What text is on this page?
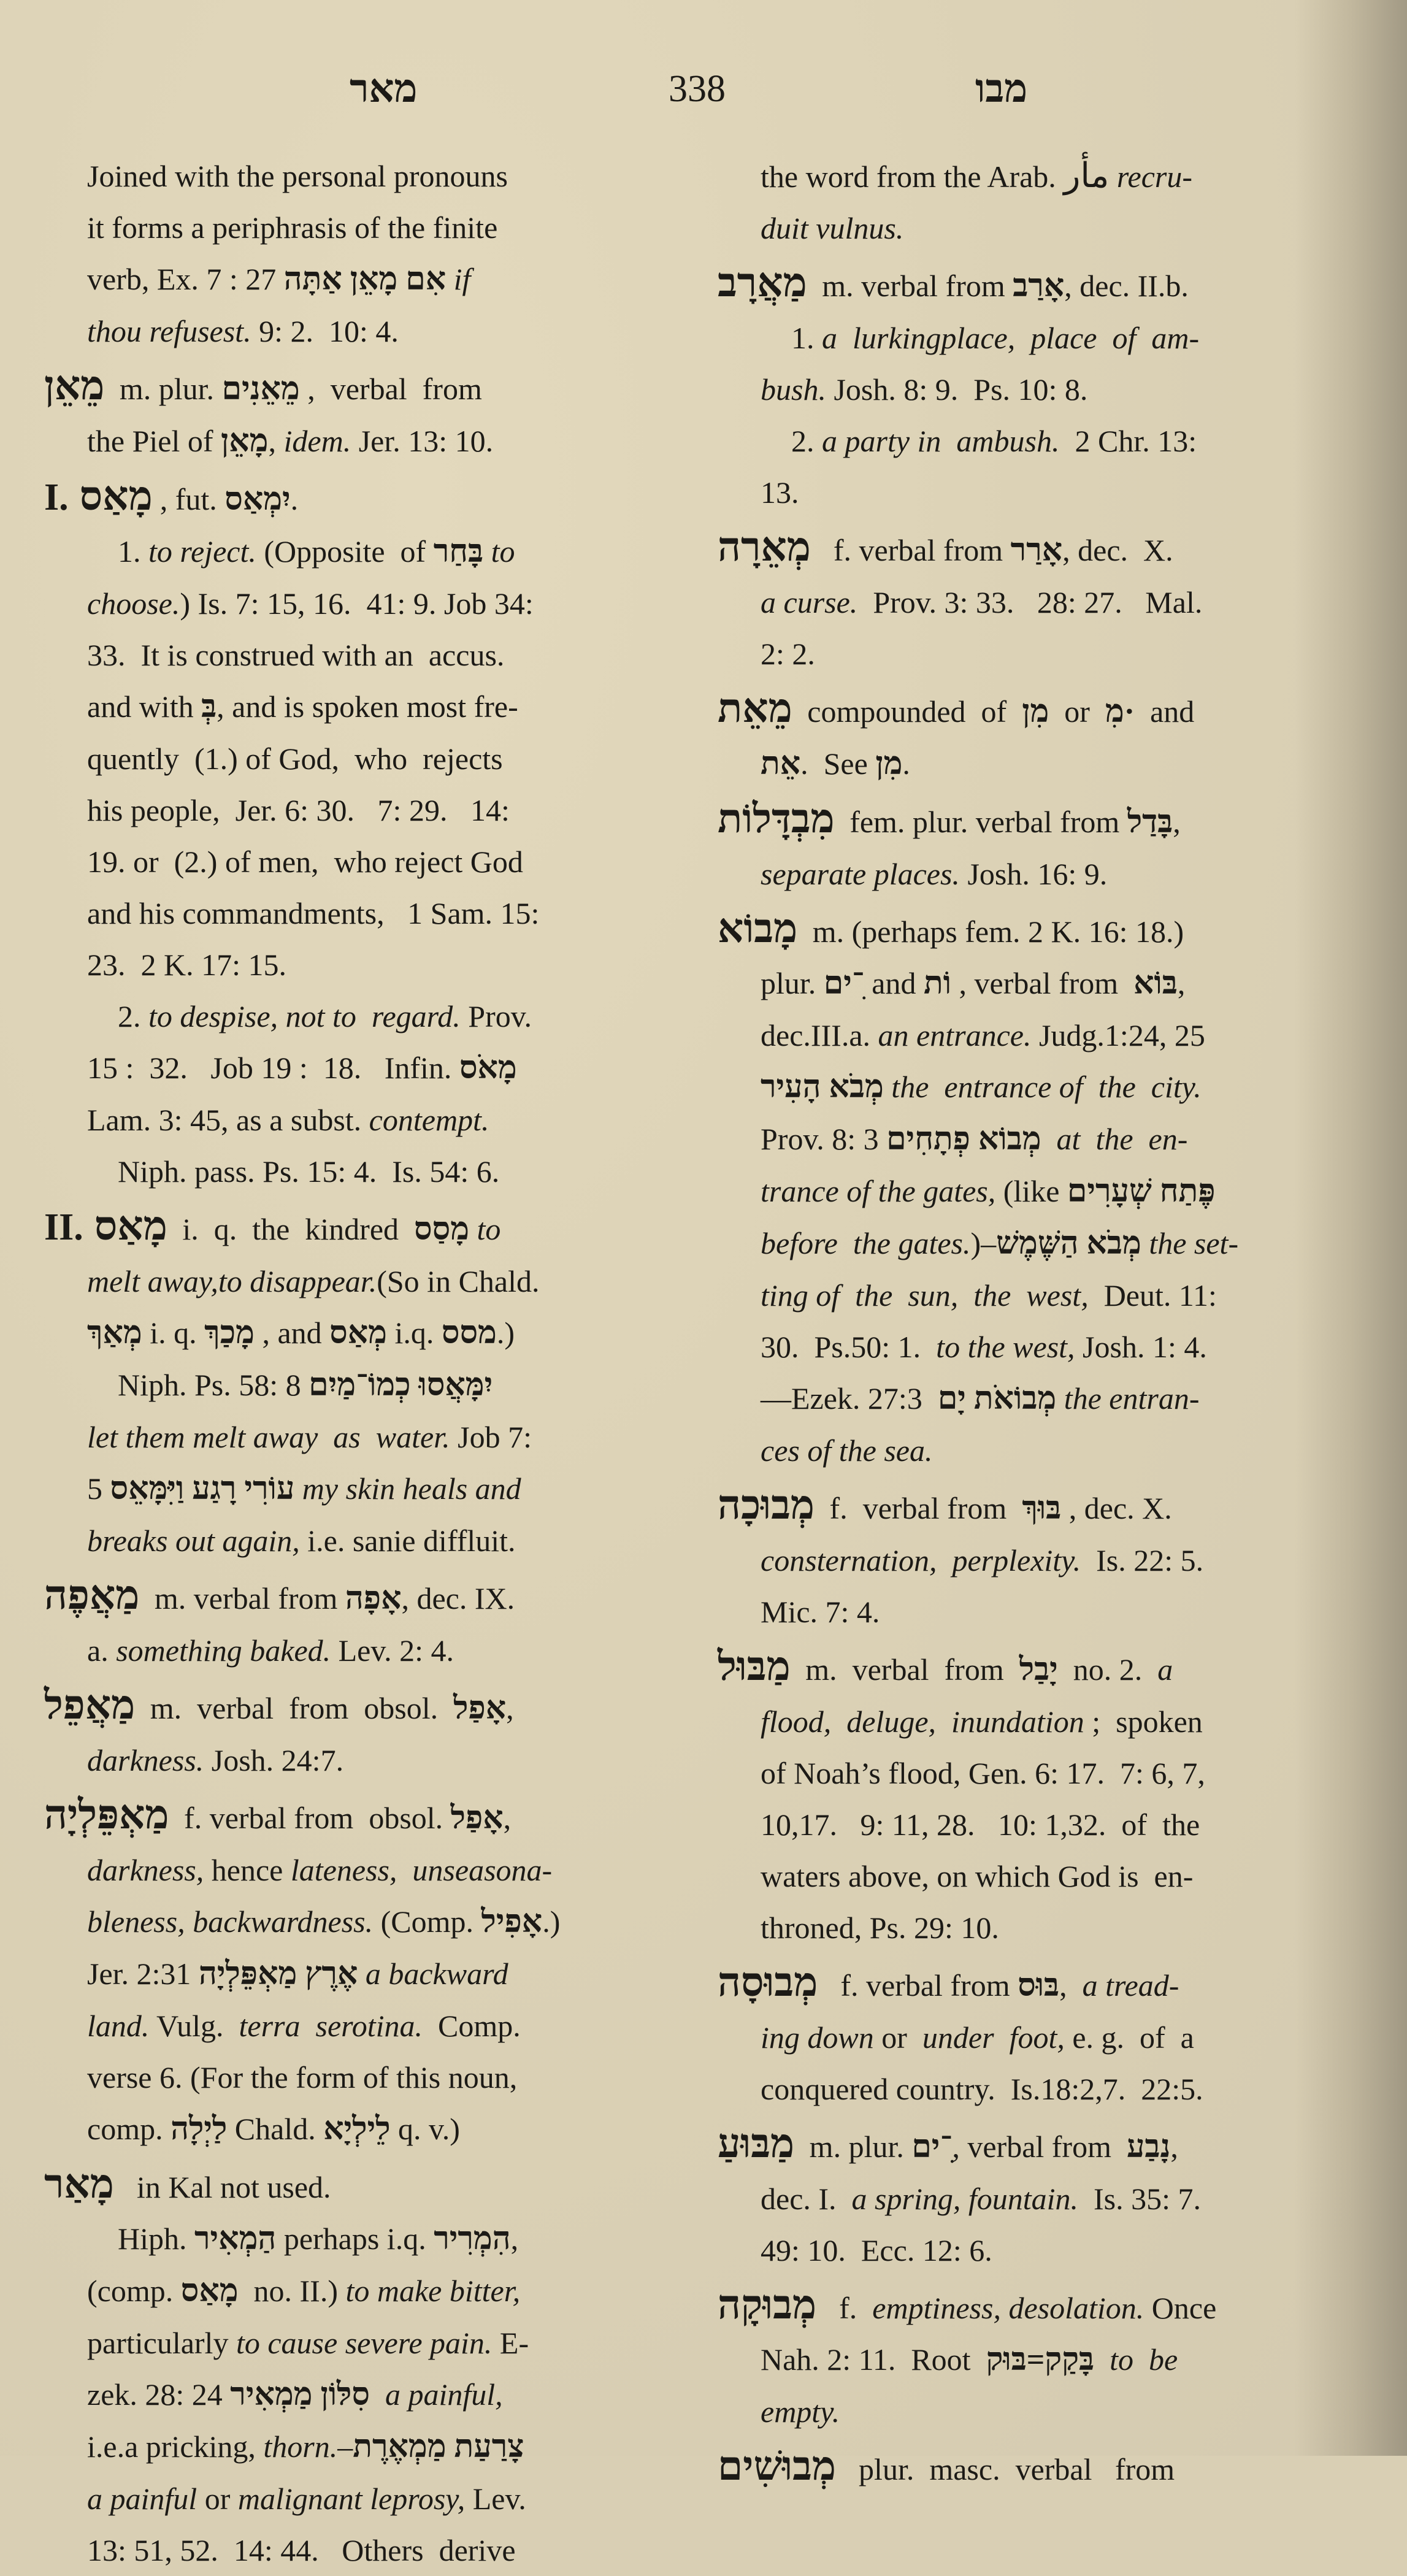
מאר	338	מבו
Joined with the personal pronouns
it forms a periphrasis of the finite
verb, Ex. 7 : 27 אִם מָאֵן אַתָּה if
thou refusest. 9: 2.  10: 4.
מֵאֵן m. plur. מֵאֵנִים ,  verbal  from
the Piel of מָאֵן, idem. Jer. 13: 10.
I. מָאַס , fut. יִמְאַס.
1. to reject. (Opposite  of בָּחַר to
choose.) Is. 7: 15, 16.  41: 9. Job 34:
33.  It is construed with an  accus.
and with בְּ, and is spoken most fre-
quently  (1.) of God,  who  rejects
his people,  Jer. 6: 30.   7: 29.   14:
19. or  (2.) of men,  who reject God
and his commandments,   1 Sam. 15:
23.  2 K. 17: 15.
2. to despise, not to  regard. Prov.
15 :  32.   Job 19 :  18.   Infin. מָאֹס
Lam. 3: 45, as a subst. contempt.
Niph. pass. Ps. 15: 4.  Is. 54: 6.
II. מָאַס i.  q.  the  kindred  מָסַס to
melt away,to disappear.(So in Chald.
מְאַךְ i. q. מָכַךְ , and מְאַס i.q. מסס.)
Niph. Ps. 58: 8 יִמָּאֲסוּ כְמוֹ־מַיִם
let them melt away  as  water. Job 7:
5 עוֹרִי רָגַע וַיִּמָּאֵס my skin heals and
breaks out again, i.e. sanie diffluit.
מַאֲפֶה m. verbal from אָפָה, dec. IX.
a. something baked. Lev. 2: 4.
מַאֲפֵל m.  verbal  from  obsol.  אָפַל,
darkness. Josh. 24:7.
מַאְפֵּלְיָה f. verbal from  obsol. אָפַל,
darkness, hence lateness,  unseasona-
bleness, backwardness. (Comp. אָפִיל.)
Jer. 2:31 אֶרֶץ מַאְפֵּלְיָה a backward
land. Vulg.  terra  serotina.  Comp.
verse 6. (For the form of this noun,
comp. לַיְלָה Chald. לֵילְיָא q. v.)
מָאַר  in Kal not used.
Hiph. הַמְאִיר perhaps i.q. הִמְרִיר,
(comp. מָאַס  no. II.) to make bitter,
particularly to cause severe pain. E-
zek. 28: 24 סִלּוֹן מַמְאִיר  a painful,
i.e.a pricking, thorn.–צָרַעַת מַמְאֶרֶת
a painful or malignant leprosy, Lev.
13: 51, 52.  14: 44.   Others  derive
the word from the Arab. مأر recru-
duit vulnus.
מַאֲרָב m. verbal from אָרַב, dec. II.b.
1. a  lurkingplace,  place  of  am-
bush. Josh. 8: 9.  Ps. 10: 8.
2. a party in  ambush.  2 Chr. 13:
13.
מְאֵרָה  f. verbal from אָרַר, dec.  X.
a curse.  Prov. 3: 33.   28: 27.   Mal.
2: 2.
מֵאֵת compounded  of  מִן  or  ·מִ  and
אֵת.  See מִן.
מִבְדָּלוֹת fem. plur. verbal from בָּדַל,
separate places. Josh. 16: 9.
מָבוֹא m. (perhaps fem. 2 K. 16: 18.)
plur. ִ־ים and וֹת , verbal from  בּוֹא,
dec.III.a. an entrance. Judg.1:24, 25
מְבֹא הָעִיר the  entrance of  the  city.
Prov. 8: 3 מְבוֹא פְתָחִים  at  the  en-
trance of the gates, (like פֶּתַח שְׁעָרִים
before  the gates.)–מְבֹא הַשֶּׁמֶשׁ the set-
ting of  the  sun,  the  west,  Deut. 11:
30.  Ps.50: 1.  to the west, Josh. 1: 4.
—Ezek. 27:3  מְבוֹאֹת יָם the entran-
ces of the sea.
מְבוּכָה f.  verbal from  בּוּךְ , dec. X.
consternation,  perplexity.  Is. 22: 5.
Mic. 7: 4.
מַבּוּל m.  verbal  from  יָבַל  no. 2.  a
flood,  deluge,  inundation ;  spoken
of Noah’s flood, Gen. 6: 17.  7: 6, 7,
10,17.   9: 11, 28.   10: 1,32.  of  the
waters above, on which God is  en-
throned, Ps. 29: 10.
מְבוּסָה  f. verbal from בּוּס,  a tread-
ing down or  under  foot, e. g.  of  a
conquered country.  Is.18:2,7.  22:5.
מַבּוּעַ m. plur. ִ־ים, verbal from  נָבַע,
dec. I.  a spring, fountain.  Is. 35: 7.
49: 10.  Ecc. 12: 6.
מְבוּקָה  f.  emptiness, desolation. Once
Nah. 2: 11.  Root  בָּקַק=בּוּק  to  be
empty.
מְבוּשִׁים  plur.  masc.  verbal   from
